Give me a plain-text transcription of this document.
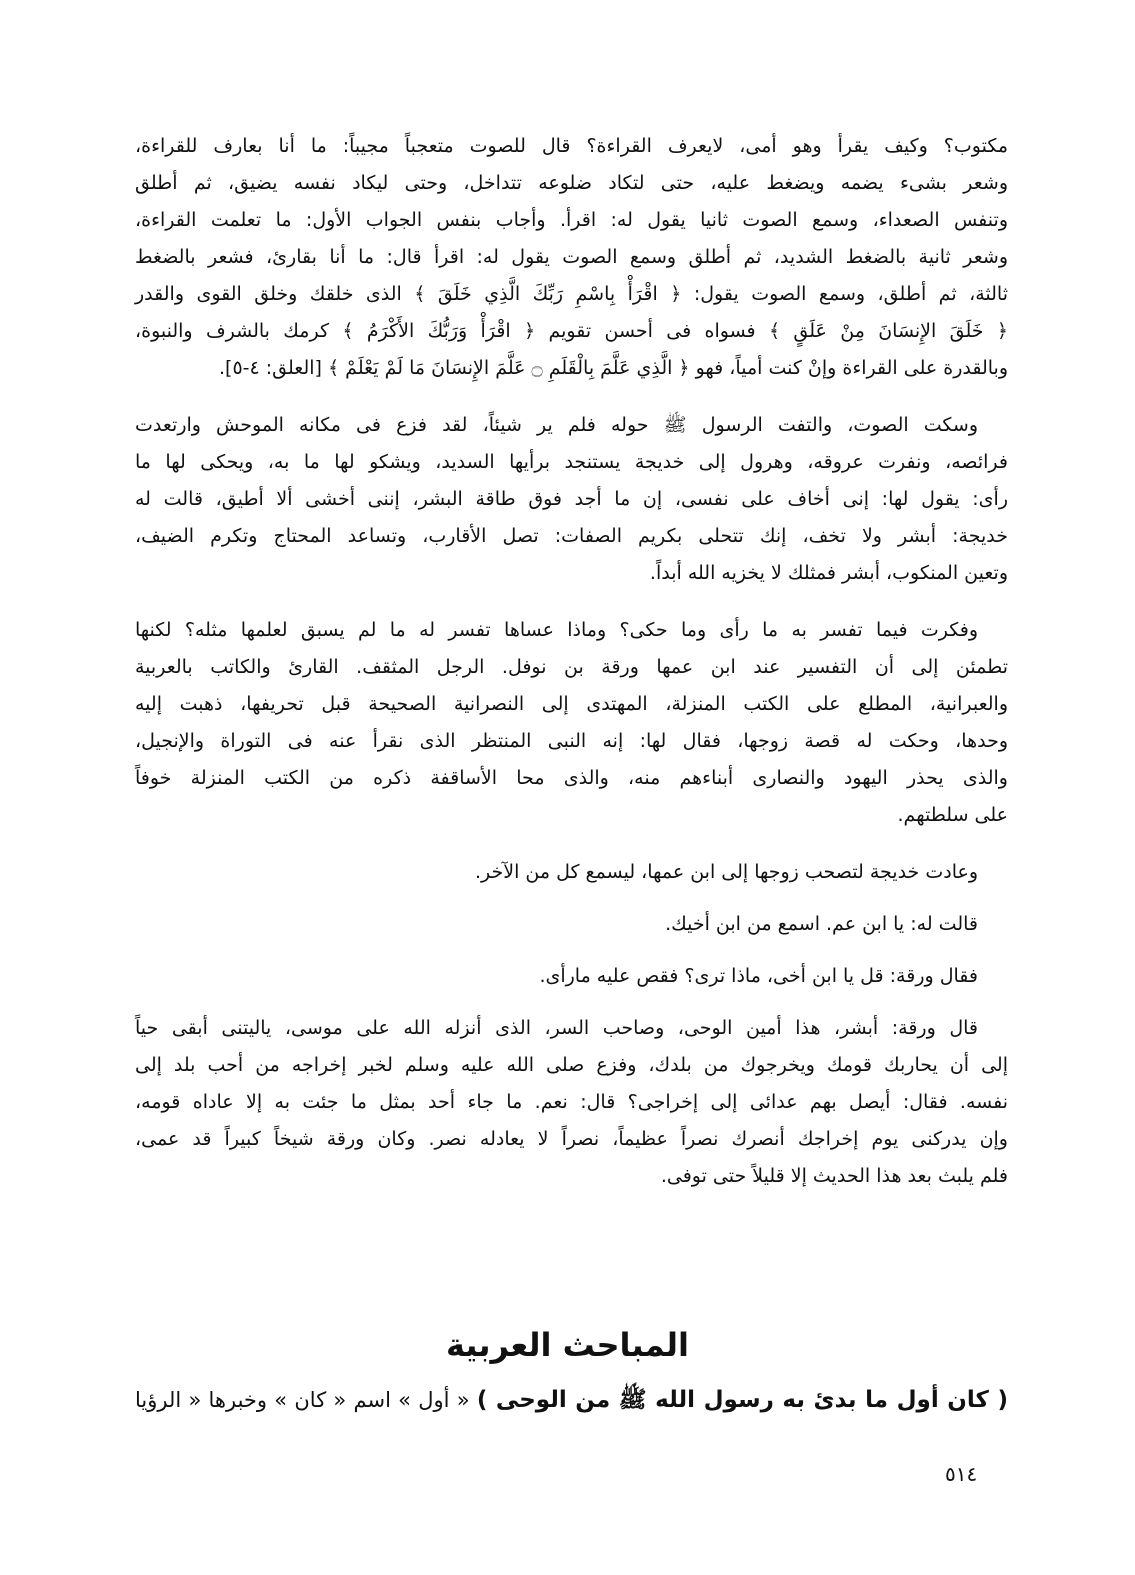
مكتوب؟ وكيف يقرأ وهو أمى، لايعرف القراءة؟ قال للصوت متعجباً مجيباً: ما أنا بعارف للقراءة،
وشعر بشىء يضمه ويضغط عليه، حتى لتكاد ضلوعه تتداخل، وحتى ليكاد نفسه يضيق، ثم أطلق
وتنفس الصعداء، وسمع الصوت ثانيا يقول له: اقرأ. وأجاب بنفس الجواب الأول: ما تعلمت القراءة،
وشعر ثانية بالضغط الشديد، ثم أطلق وسمع الصوت يقول له: اقرأ قال: ما أنا بقارئ، فشعر بالضغط
ثالثة، ثم أطلق، وسمع الصوت يقول: ﴿ اقْرَأْ بِاسْمِ رَبِّكَ الَّذِي خَلَقَ ﴾ الذى خلقك وخلق القوى والقدر
﴿ خَلَقَ الإِنسَانَ مِنْ عَلَقٍ ﴾ فسواه فى أحسن تقويم ﴿ اقْرَأْ وَرَبُّكَ الأَكْرَمُ ﴾ كرمك بالشرف والنبوة،
وبالقدرة على القراءة وإنْ كنت أمياً، فهو ﴿ الَّذِي عَلَّمَ بِالْقَلَمِ ۝ عَلَّمَ الإِنسَانَ مَا لَمْ يَعْلَمْ ﴾ [العلق: ٤-٥].
وسكت الصوت، والتفت الرسول ﷺ حوله فلم ير شيئاً، لقد فزع فى مكانه الموحش وارتعدت
فرائصه، ونفرت عروقه، وهرول إلى خديجة يستنجد برأيها السديد، ويشكو لها ما به، ويحكى لها ما
رأى: يقول لها: إنى أخاف على نفسى، إن ما أجد فوق طاقة البشر، إننى أخشى ألا أطيق، قالت له
خديجة: أبشر ولا تخف، إنك تتحلى بكريم الصفات: تصل الأقارب، وتساعد المحتاج وتكرم الضيف،
وتعين المنكوب، أبشر فمثلك لا يخزيه الله أبداً.
وفكرت فيما تفسر به ما رأى وما حكى؟ وماذا عساها تفسر له ما لم يسبق لعلمها مثله؟ لكنها
تطمئن إلى أن التفسير عند ابن عمها ورقة بن نوفل. الرجل المثقف. القارئ والكاتب بالعربية
والعبرانية، المطلع على الكتب المنزلة، المهتدى إلى النصرانية الصحيحة قبل تحريفها، ذهبت إليه
وحدها، وحكت له قصة زوجها، فقال لها: إنه النبى المنتظر الذى نقرأ عنه فى التوراة والإنجيل،
والذى يحذر اليهود والنصارى أبناءهم منه، والذى محا الأساقفة ذكره من الكتب المنزلة خوفاً
على سلطتهم.
وعادت خديجة لتصحب زوجها إلى ابن عمها، ليسمع كل من الآخر.
قالت له: يا ابن عم. اسمع من ابن أخيك.
فقال ورقة: قل يا ابن أخى، ماذا ترى؟ فقص عليه مارأى.
قال ورقة: أبشر، هذا أمين الوحى، وصاحب السر، الذى أنزله الله على موسى، ياليتنى أبقى حياً
إلى أن يحاربك قومك ويخرجوك من بلدك، وفزع صلى الله عليه وسلم لخبر إخراجه من أحب بلد إلى
نفسه. فقال: أيصل بهم عدائى إلى إخراجى؟ قال: نعم. ما جاء أحد بمثل ما جئت به إلا عاداه قومه،
وإن يدركنى يوم إخراجك أنصرك نصراً عظيماً، نصراً لا يعادله نصر. وكان ورقة شيخاً كبيراً قد عمى،
فلم يلبث بعد هذا الحديث إلا قليلاً حتى توفى.
المباحث العربية
( كان أول ما بدئ به رسول الله ﷺ من الوحى ) « أول » اسم « كان » وخبرها « الرؤيا
٥١٤
